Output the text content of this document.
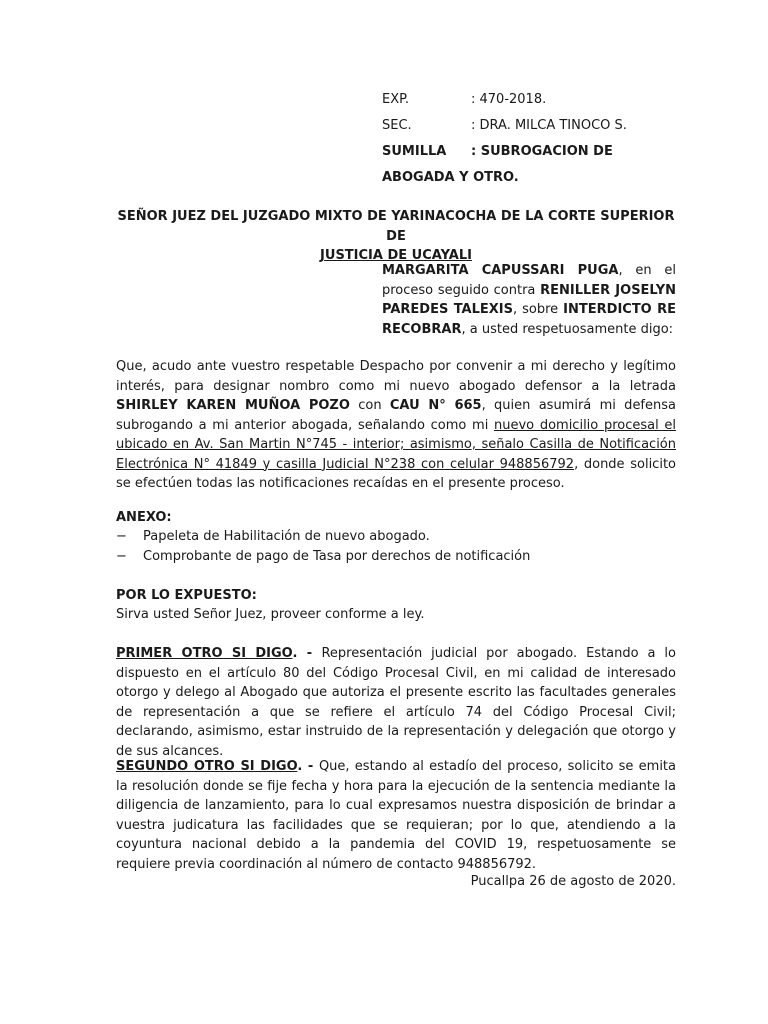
EXP.	: 470-2018.
SEC.	: DRA. MILCA TINOCO S.
SUMILLA	: SUBROGACION DE
ABOGADA Y OTRO.
SEÑOR JUEZ DEL JUZGADO MIXTO DE YARINACOCHA DE LA CORTE SUPERIOR DE
JUSTICIA DE UCAYALI
MARGARITA CAPUSSARI PUGA, en el proceso seguido contra RENILLER JOSELYN PAREDES TALEXIS, sobre INTERDICTO RE RECOBRAR, a usted respetuosamente digo:
Que, acudo ante vuestro respetable Despacho por convenir a mi derecho y legítimo interés, para designar nombro como mi nuevo abogado defensor a la letrada SHIRLEY KAREN MUÑOA POZO con CAU N° 665, quien asumirá mi defensa subrogando a mi anterior abogada, señalando como mi nuevo domicilio procesal el ubicado en Av. San Martin N°745 - interior; asimismo, señalo Casilla de Notificación Electrónica N° 41849 y casilla Judicial N°238 con celular 948856792, donde solicito se efectúen todas las notificaciones recaídas en el presente proceso.
ANEXO:
−	Papeleta de Habilitación de nuevo abogado.
−	Comprobante de pago de Tasa por derechos de notificación
POR LO EXPUESTO:
Sirva usted Señor Juez, proveer conforme a ley.
PRIMER OTRO SI DIGO. - Representación judicial por abogado. Estando a lo dispuesto en el artículo 80 del Código Procesal Civil, en mi calidad de interesado otorgo y delego al Abogado que autoriza el presente escrito las facultades generales de representación a que se refiere el artículo 74 del Código Procesal Civil; declarando, asimismo, estar instruido de la representación y delegación que otorgo y de sus alcances.
SEGUNDO OTRO SI DIGO. - Que, estando al estadío del proceso, solicito se emita la resolución donde se fije fecha y hora para la ejecución de la sentencia mediante la diligencia de lanzamiento, para lo cual expresamos nuestra disposición de brindar a vuestra judicatura las facilidades que se requieran; por lo que, atendiendo a la coyuntura nacional debido a la pandemia del COVID 19, respetuosamente se requiere previa coordinación al número de contacto 948856792.
Pucallpa 26 de agosto de 2020.
